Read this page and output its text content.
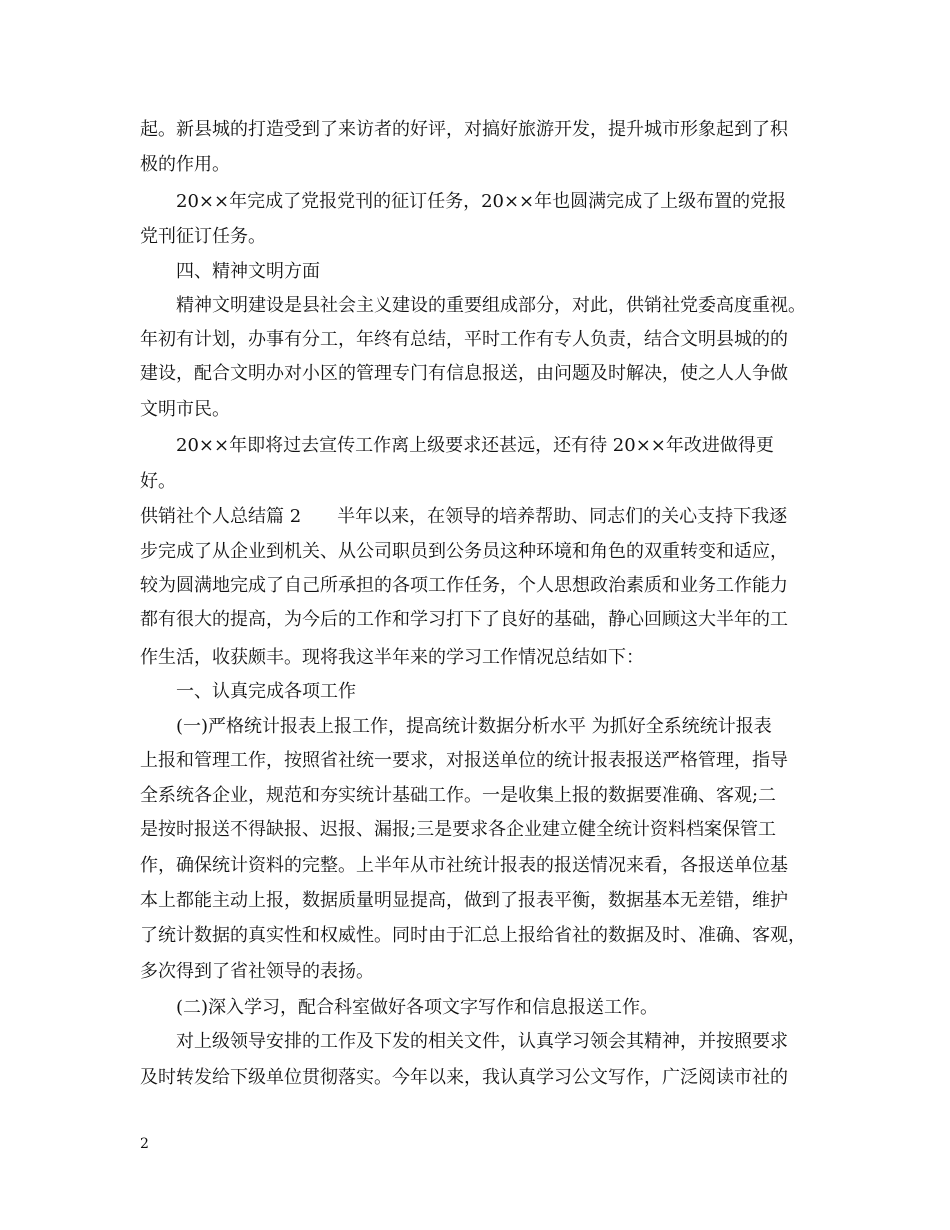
起。新县城的打造受到了来访者的好评，对搞好旅游开发，提升城市形象起到了积
极的作用。
20××年完成了党报党刊的征订任务，20××年也圆满完成了上级布置的党报
党刊征订任务。
四、精神文明方面
精神文明建设是县社会主义建设的重要组成部分，对此，供销社党委高度重视。
年初有计划，办事有分工，年终有总结，平时工作有专人负责，结合文明县城的的
建设，配合文明办对小区的管理专门有信息报送，由问题及时解决，使之人人争做
文明市民。
20××年即将过去宣传工作离上级要求还甚远，还有待 20××年改进做得更
好。
供销社个人总结篇 2　　半年以来，在领导的培养帮助、同志们的关心支持下我逐
步完成了从企业到机关、从公司职员到公务员这种环境和角色的双重转变和适应，
较为圆满地完成了自己所承担的各项工作任务，个人思想政治素质和业务工作能力
都有很大的提高，为今后的工作和学习打下了良好的基础，静心回顾这大半年的工
作生活，收获颇丰。现将我这半年来的学习工作情况总结如下：
一、认真完成各项工作
(一)严格统计报表上报工作，提高统计数据分析水平 为抓好全系统统计报表
上报和管理工作，按照省社统一要求，对报送单位的统计报表报送严格管理，指导
全系统各企业，规范和夯实统计基础工作。一是收集上报的数据要准确、客观;二
是按时报送不得缺报、迟报、漏报;三是要求各企业建立健全统计资料档案保管工
作，确保统计资料的完整。上半年从市社统计报表的报送情况来看，各报送单位基
本上都能主动上报，数据质量明显提高，做到了报表平衡，数据基本无差错，维护
了统计数据的真实性和权威性。同时由于汇总上报给省社的数据及时、准确、客观，
多次得到了省社领导的表扬。
(二)深入学习，配合科室做好各项文字写作和信息报送工作。
对上级领导安排的工作及下发的相关文件，认真学习领会其精神，并按照要求
及时转发给下级单位贯彻落实。今年以来，我认真学习公文写作，广泛阅读市社的
2
